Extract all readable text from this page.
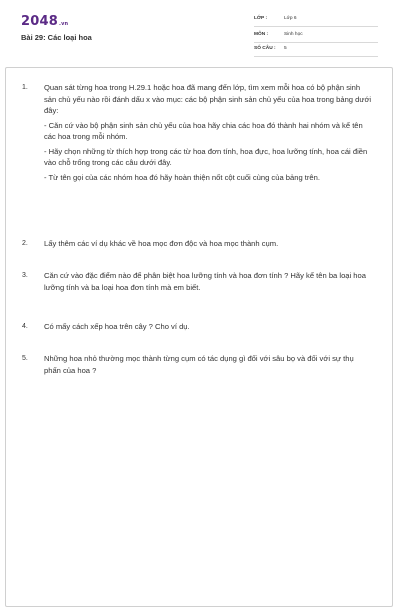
2048.vn
Bài 29: Các loại hoa
LỚP :	Lớp 6
MÔN :	Sinh học
SỐ CÂU : 5
1. Quan sát từng hoa trong H.29.1 hoặc hoa đã mang đến lớp, tìm xem mỗi hoa có bộ phận sinh sản chủ yếu nào rồi đánh dấu x vào mục: các bộ phận sinh sản chủ yếu của hoa trong bảng dưới đây:
- Căn cứ vào bộ phận sinh sản chủ yếu của hoa hãy chia các hoa đó thành hai nhóm và kể tên các hoa trong mỗi nhóm.
- Hãy chọn những từ thích hợp trong các từ hoa đơn tính, hoa đực, hoa lưỡng tính, hoa cái điền vào chỗ trống trong các câu dưới đây.
- Từ tên gọi của các nhóm hoa đó hãy hoàn thiện nốt cột cuối cùng của bảng trên.
2. Lấy thêm các ví dụ khác về hoa mọc đơn độc và hoa mọc thành cụm.
3. Căn cứ vào đặc điểm nào để phân biệt hoa lưỡng tính và hoa đơn tính ? Hãy kể tên ba loại hoa lưỡng tính và ba loại hoa đơn tính mà em biết.
4. Có mấy cách xếp hoa trên cây ? Cho ví dụ.
5. Những hoa nhỏ thường mọc thành từng cụm có tác dụng gì đối với sâu bọ và đối với sự thụ phấn của hoa ?
